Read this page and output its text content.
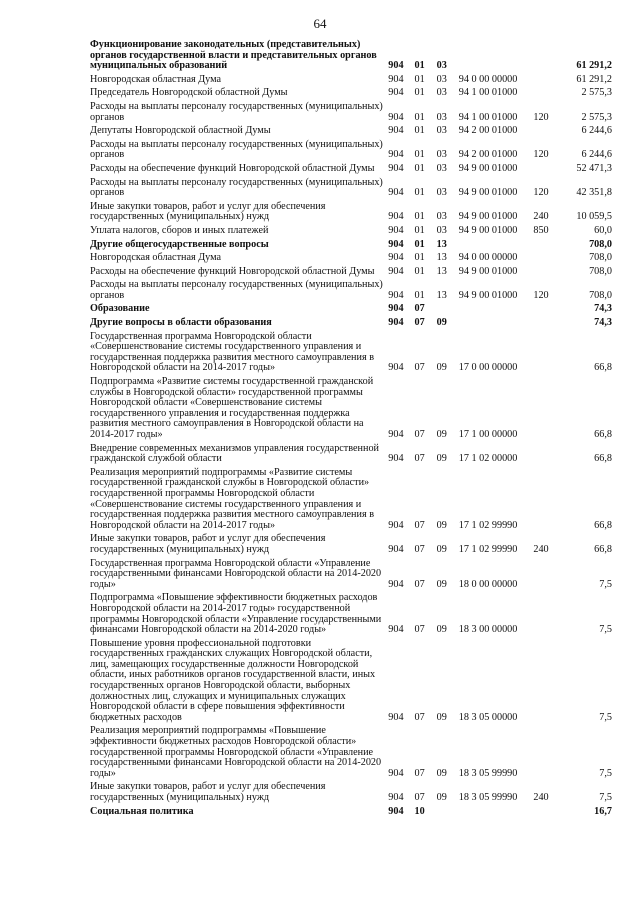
64
Функционирование законодательных (представительных) органов государственной власти и представительных органов муниципальных образований	904	01	03			61 291,2
Новгородская областная Дума	904	01	03	94 0 00 00000		61 291,2
Председатель Новгородской областной Думы	904	01	03	94 1 00 01000		2 575,3
Расходы на выплаты персоналу государственных (муниципальных) органов	904	01	03	94 1 00 01000	120	2 575,3
Депутаты Новгородской областной Думы	904	01	03	94 2 00 01000		6 244,6
Расходы на выплаты персоналу государственных (муниципальных) органов	904	01	03	94 2 00 01000	120	6 244,6
Расходы на обеспечение функций Новгородской областной Думы	904	01	03	94 9 00 01000		52 471,3
Расходы на выплаты персоналу государственных (муниципальных) органов	904	01	03	94 9 00 01000	120	42 351,8
Иные закупки товаров, работ и услуг для обеспечения государственных (муниципальных) нужд	904	01	03	94 9 00 01000	240	10 059,5
Уплата налогов, сборов и иных платежей	904	01	03	94 9 00 01000	850	60,0
Другие общегосударственные вопросы	904	01	13			708,0
Новгородская областная Дума	904	01	13	94 0 00 00000		708,0
Расходы на обеспечение функций Новгородской областной Думы	904	01	13	94 9 00 01000		708,0
Расходы на выплаты персоналу государственных (муниципальных) органов	904	01	13	94 9 00 01000	120	708,0
Образование	904	07				74,3
Другие вопросы в области образования	904	07	09			74,3
Государственная программа Новгородской области «Совершенствование системы государственного управления и государственная поддержка развития местного самоуправления в Новгородской области на 2014-2017 годы»	904	07	09	17 0 00 00000		66,8
Подпрограмма «Развитие системы государственной гражданской службы в Новгородской области» государственной программы Новгородской области «Совершенствование системы государственного управления и государственная поддержка развития местного самоуправления в Новгородской области на 2014-2017 годы»	904	07	09	17 1 00 00000		66,8
Внедрение современных механизмов управления государственной гражданской службой области	904	07	09	17 1 02 00000		66,8
Реализация мероприятий подпрограммы «Развитие системы государственной гражданской службы в Новгородской области» государственной программы Новгородской области «Совершенствование системы государственного управления и государственная поддержка развития местного самоуправления в Новгородской области на 2014-2017 годы»	904	07	09	17 1 02 99990		66,8
Иные закупки товаров, работ и услуг для обеспечения государственных (муниципальных) нужд	904	07	09	17 1 02 99990	240	66,8
Государственная программа Новгородской области «Управление государственными финансами Новгородской области на 2014-2020 годы»	904	07	09	18 0 00 00000		7,5
Подпрограмма «Повышение эффективности бюджетных расходов Новгородской области на 2014-2017 годы» государственной программы Новгородской области «Управление государственными финансами Новгородской области на 2014-2020 годы»	904	07	09	18 3 00 00000		7,5
Повышение уровня профессиональной подготовки государственных гражданских служащих Новгородской области, лиц, замещающих государственные должности Новгородской области, иных работников органов государственной власти, иных государственных органов Новгородской области, выборных должностных лиц, служащих и муниципальных служащих Новгородской области в сфере повышения эффективности бюджетных расходов	904	07	09	18 3 05 00000		7,5
Реализация мероприятий подпрограммы «Повышение эффективности бюджетных расходов Новгородской области» государственной программы Новгородской области «Управление государственными финансами Новгородской области на 2014-2020 годы»	904	07	09	18 3 05 99990		7,5
Иные закупки товаров, работ и услуг для обеспечения государственных (муниципальных) нужд	904	07	09	18 3 05 99990	240	7,5
Социальная политика	904	10				16,7
